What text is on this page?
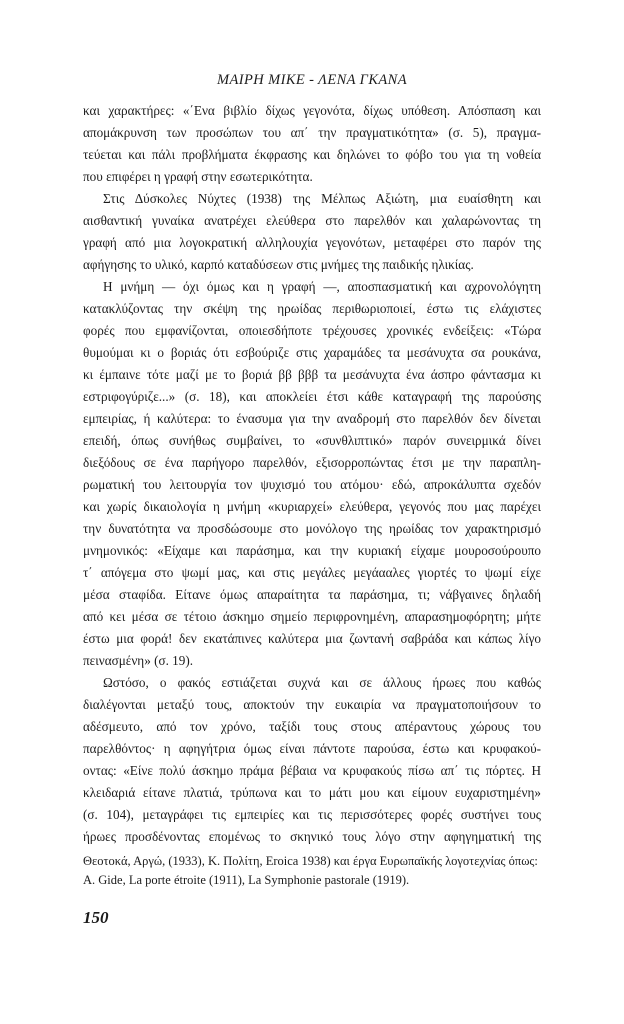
ΜΑΙΡΗ ΜΙΚΕ - ΛΕΝΑ ΓΚΑΝΑ
και χαρακτήρες: «΄Ενα βιβλίο δίχως γεγονότα, δίχως υπόθεση. Απόσπαση και
απομάκρυνση των προσώπων του απ΄ την πραγματικότητα» (σ. 5), πραγμα-
τεύεται και πάλι προβλήματα έκφρασης και δηλώνει το φόβο του για τη νοθεία
που επιφέρει η γραφή στην εσωτερικότητα.
Στις Δύσκολες Νύχτες (1938) της Μέλπως Αξιώτη, μια ευαίσθητη και
αισθαντική γυναίκα ανατρέχει ελεύθερα στο παρελθόν και χαλαρώνοντας τη
γραφή από μια λογοκρατική αλληλουχία γεγονότων, μεταφέρει στο παρόν της
αφήγησης το υλικό, καρπό καταδύσεων στις μνήμες της παιδικής ηλικίας.
Η μνήμη — όχι όμως και η γραφή —, αποσπασματική και αχρονολόγητη
κατακλύζοντας την σκέψη της ηρωίδας περιθωριοποιεί, έστω τις ελάχιστες
φορές που εμφανίζονται, οποιεσδήποτε τρέχουσες χρονικές ενδείξεις: «Τώρα
θυμούμαι κι ο βοριάς ότι εσβούριζε στις χαραμάδες τα μεσάνυχτα σα ρουκάνα,
κι έμπαινε τότε μαζί με το βοριά ββ βββ τα μεσάνυχτα ένα άσπρο φάντασμα κι
εστριφογύριζε...» (σ. 18), και αποκλείει έτσι κάθε καταγραφή της παρούσης
εμπειρίας, ή καλύτερα: το ένασυμα για την αναδρομή στο παρελθόν δεν δίνεται
επειδή, όπως συνήθως συμβαίνει, το «συνθλιπτικό» παρόν συνειρμικά δίνει
διεξόδους σε ένα παρήγορο παρελθόν, εξισορροπώντας έτσι με την παραπλη-
ρωματική του λειτουργία τον ψυχισμό του ατόμου· εδώ, απροκάλυπτα σχεδόν
και χωρίς δικαιολογία η μνήμη «κυριαρχεί» ελεύθερα, γεγονός που μας παρέχει
την δυνατότητα να προσδώσουμε στο μονόλογο της ηρωίδας τον χαρακτηρισμό
μνημονικός: «Είχαμε και παράσημα, και την κυριακή είχαμε μουροσούρουπο
τ΄ απόγεμα στο ψωμί μας, και στις μεγάλες μεγάααλες γιορτές το ψωμί είχε
μέσα σταφίδα. Είτανε όμως απαραίτητα τα παράσημα, τι; νάβγαινες δηλαδή
από κει μέσα σε τέτοιο άσκημο σημείο περιφρονημένη, απαρασημοφόρητη; μήτε
έστω μια φορά! δεν εκατάπινες καλύτερα μια ζωντανή σαβράδα και κάπως λίγο
πεινασμένη» (σ. 19).
Ωστόσο, ο φακός εστιάζεται συχνά και σε άλλους ήρωες που καθώς
διαλέγονται μεταξύ τους, αποκτούν την ευκαιρία να πραγματοποιήσουν το
αδέσμευτο, από τον χρόνο, ταξίδι τους στους απέραντους χώρους του
παρελθόντος· η αφηγήτρια όμως είναι πάντοτε παρούσα, έστω και κρυφακού-
οντας: «Είνε πολύ άσκημο πράμα βέβαια να κρυφακούς πίσω απ΄ τις πόρτες. Η
κλειδαριά είτανε πλατιά, τρύπωνα και το μάτι μου και είμουν ευχαριστημένη»
(σ. 104), μεταγράφει τις εμπειρίες και τις περισσότερες φορές συστήνει τους
ήρωες προσδένοντας επομένως το σκηνικό τους λόγο στην αφηγηματική της
Θεοτοκά, Αργώ, (1933), Κ. Πολίτη, Eroica 1938) και έργα Ευρωπαϊκής λογοτεχνίας όπως:
A. Gide, La porte étroite (1911), La Symphonie pastorale (1919).
150
